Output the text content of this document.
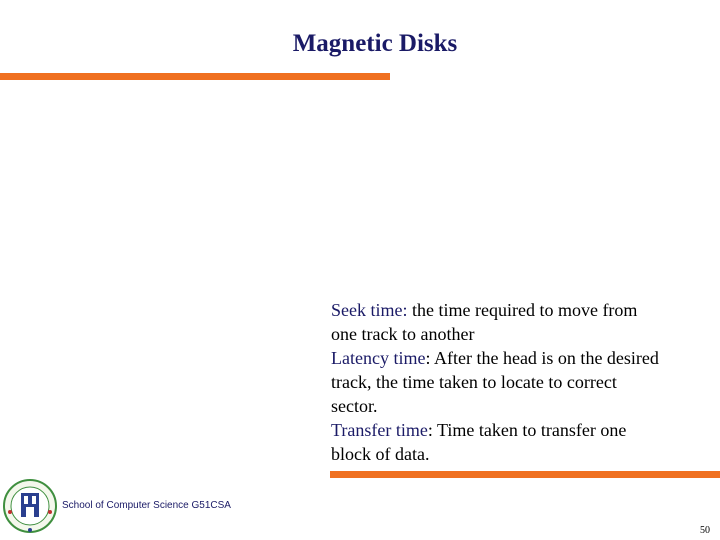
Magnetic Disks
Seek time: the time required to move from one track to another
Latency time: After the head is on the desired track, the time taken to locate to correct sector.
Transfer time: Time taken to transfer one block of data.
School of Computer Science G51CSA
50
